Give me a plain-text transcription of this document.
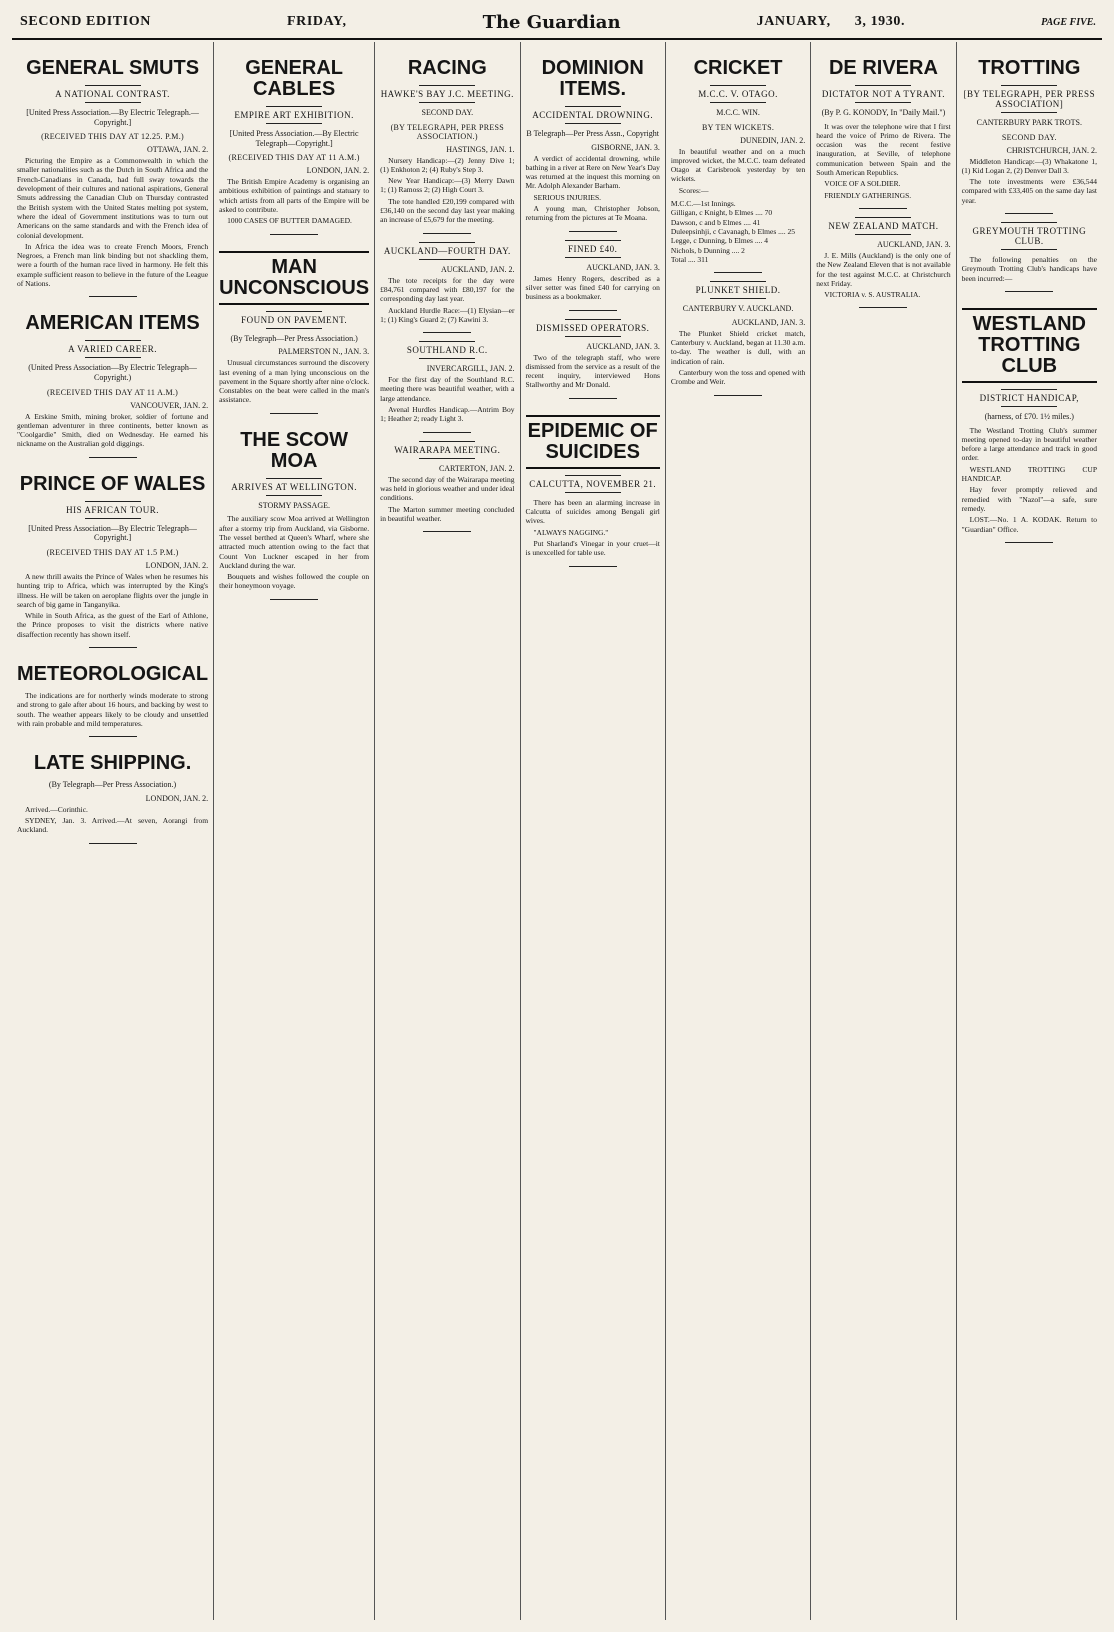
SECOND EDITION	FRIDAY,	The Guardian	JANUARY, 3, 1930.	PAGE FIVE.
GENERAL SMUTS
A NATIONAL CONTRAST.
[United Press Association.—By Electric Telegraph.—Copyright.]
(RECEIVED THIS DAY AT 12.25. P.M.)
OTTAWA, JAN. 2.

Picturing the Empire as a Commonwealth in which the smaller nationalities such as the Dutch in South Africa and the French-Canadians in Canada, had full sway towards the development of their cultures and national aspirations, General Smuts addressing the Canadian Club on Thursday contrasted the British system with the United States melting pot system, where the ideal of Government institutions was to turn out Americans on the same standards and with the French idea of colonial development.

In Africa the idea was to create French Moors, French Negroes, a French man link binding but not shackling them, were a fourth of the human race lived in harmony. He felt this example sufficient reason to believe in the future of the League of Nations.

AMERICAN ITEMS
A VARIED CAREER.
(United Press Association—By Electric Telegraph—Copyright.)
(RECEIVED THIS DAY AT 11 A.M.)
VANCOUVER, JAN. 2.

A Erskine Smith, mining broker, soldier of fortune and gentleman adventurer in three continents, better known as "Coolgardie" Smith, died on Wednesday. He earned his nickname on the Australian gold diggings.

PRINCE OF WALES
HIS AFRICAN TOUR.
[United Press Association—By Electric Telegraph—Copyright.]
(RECEIVED THIS DAY AT 1.5 P.M.)
LONDON, JAN. 2.

A new thrill awaits the Prince of Wales when he resumes his hunting trip to Africa, which was interrupted by the King's illness. He will be taken on aeroplane flights over the jungle in search of big game in Tanganyika.

While in South Africa, as the guest of the Earl of Athlone, the Prince proposes to visit the districts where native disaffection recently has shown itself.

METEOROLOGICAL

The indications are for northerly winds moderate to strong and strong to gale after about 16 hours, and backing by west to south. The weather appears likely to be cloudy and unsettled with rain probable and mild temperatures.

LATE SHIPPING.
(By Telegraph—Per Press Association.)
LONDON, JAN. 2.

Arrived.—Corinthic.

SYDNEY, Jan. 3. Arrived.—At seven, Aorangi from Auckland.

GENERAL CABLES
EMPIRE ART EXHIBITION.
[United Press Association.—By Electric Telegraph—Copyright.]
(RECEIVED THIS DAY AT 11 A.M.)
LONDON, JAN. 2.

The British Empire Academy is organising an ambitious exhibition of paintings and statuary to which artists from all parts of the Empire will be asked to contribute.

1000 CASES OF BUTTER DAMAGED.

MAN UNCONSCIOUS
FOUND ON PAVEMENT.
(By Telegraph—Per Press Association.)
PALMERSTON N., JAN. 3.

Unusual circumstances surround the discovery last evening of a man lying unconscious on the pavement in the Square shortly after nine o'clock. Constables on the beat were called in the man's assistance.

THE SCOW MOA
ARRIVES AT WELLINGTON.
STORMY PASSAGE.

The auxiliary scow Moa arrived at Wellington after a stormy trip from Auckland, via Gisborne. The vessel berthed at Queen's Wharf, where she attracted much attention owing to the fact that Count Von Luckner escaped in her from Auckland during the war.

Bouquets and wishes followed the couple on their honeymoon voyage.

RACING
HAWKE'S BAY J.C. MEETING.
SECOND DAY.
(BY TELEGRAPH, PER PRESS ASSOCIATION.)
HASTINGS, JAN. 1.

Nursery Handicap:—(2) Jenny Dive 1; (1) Enkhoton 2; (4) Ruby's Step 3.

New Year Handicap:—(3) Merry Dawn 1; (1) Ramoss 2; (2) High Court 3.

The tote handled £20,199 compared with £36,140 on the second day last year making an increase of £5,679 for the meeting.

AUCKLAND—FOURTH DAY.
AUCKLAND, JAN. 2.

The tote receipts for the day were £84,761 compared with £80,197 for the corresponding day last year.

Auckland Hurdle Race:—(1) Elysian—er 1; (1) King's Guard 2; (7) Kawini 3.

SOUTHLAND R.C.
INVERCARGILL, JAN. 2.

For the first day of the Southland R.C. meeting there was beautiful weather, with a large attendance.

Avenal Hurdles Handicap.—Antrim Boy 1; Heather 2; ready Light 3.

WAIRARAPA MEETING.
CARTERTON, JAN. 2.

The second day of the Wairarapa meeting was held in glorious weather and under ideal conditions.

The Marton summer meeting concluded in beautiful weather.

DOMINION ITEMS.
ACCIDENTAL DROWNING.
B Telegraph—Per Press Assn., Copyright
GISBORNE, JAN. 3.

A verdict of accidental drowning, while bathing in a river at Rere on New Year's Day was returned at the inquest this morning on Mr. Adolph Alexander Barham.

SERIOUS INJURIES.

A young man, Christopher Jobson, returning from the pictures at Te Moana.

FINED £40.
AUCKLAND, JAN. 3.

James Henry Rogers, described as a silver setter was fined £40 for carrying on business as a bookmaker.

DISMISSED OPERATORS.
AUCKLAND, JAN. 3.

Two of the telegraph staff, who were dismissed from the service as a result of the recent inquiry, interviewed Hons Stallworthy and Mr Donald.

EPIDEMIC OF SUICIDES
CALCUTTA, NOVEMBER 21.

There has been an alarming increase in Calcutta of suicides among Bengali girl wives.

"ALWAYS NAGGING."

Put Sharland's Vinegar in your cruet—it is unexcelled for table use.

CRICKET
M.C.C. V. OTAGO.
M.C.C. WIN.
BY TEN WICKETS.
DUNEDIN, JAN. 2.

In beautiful weather and on a much improved wicket, the M.C.C. team defeated Otago at Carisbrook yesterday by ten wickets.

Scores:—

M.C.C.—1st Innings.
Gilligan, c Knight, b Elmes .... 70
Dawson, c and b Elmes .... 41
Duleepsinhji, c Cavanagh, b Elmes .... 25
Legge, c Dunning, b Elmes .... 4
Nichols, b Dunning .... 2
Total .... 311
PLUNKET SHIELD.
CANTERBURY V. AUCKLAND.
AUCKLAND, JAN. 3.

The Plunket Shield cricket match, Canterbury v. Auckland, began at 11.30 a.m. to-day. The weather is dull, with an indication of rain.

Canterbury won the toss and opened with Crombe and Weir.

DE RIVERA
DICTATOR NOT A TYRANT.
(By P. G. KONODY, In "Daily Mail.")

It was over the telephone wire that I first heard the voice of Primo de Rivera. The occasion was the recent festive inauguration, at Seville, of telephone communication between Spain and the South American Republics.

VOICE OF A SOLDIER.

FRIENDLY GATHERINGS.

NEW ZEALAND MATCH.
AUCKLAND, JAN. 3.

J. E. Mills (Auckland) is the only one of the New Zealand Eleven that is not available for the test against M.C.C. at Christchurch next Friday.

VICTORIA v. S. AUSTRALIA.

TROTTING
[BY TELEGRAPH, PER PRESS ASSOCIATION]
CANTERBURY PARK TROTS.
SECOND DAY.
CHRISTCHURCH, JAN. 2.

Middleton Handicap:—(3) Whakatone 1, (1) Kid Logan 2, (2) Denver Dall 3.

The tote investments were £36,544 compared with £33,405 on the same day last year.

GREYMOUTH TROTTING CLUB.

The following penalties on the Greymouth Trotting Club's handicaps have been incurred:—

WESTLAND TROTTING CLUB
DISTRICT HANDICAP,
(harness, of £70. 1½ miles.)

The Westland Trotting Club's summer meeting opened to-day in beautiful weather before a large attendance and track in good order.

WESTLAND TROTTING CUP HANDICAP.

Hay fever promptly relieved and remedied with "Nazol"—a safe, sure remedy.

LOST.—No. 1 A. KODAK. Return to "Guardian" Office.
